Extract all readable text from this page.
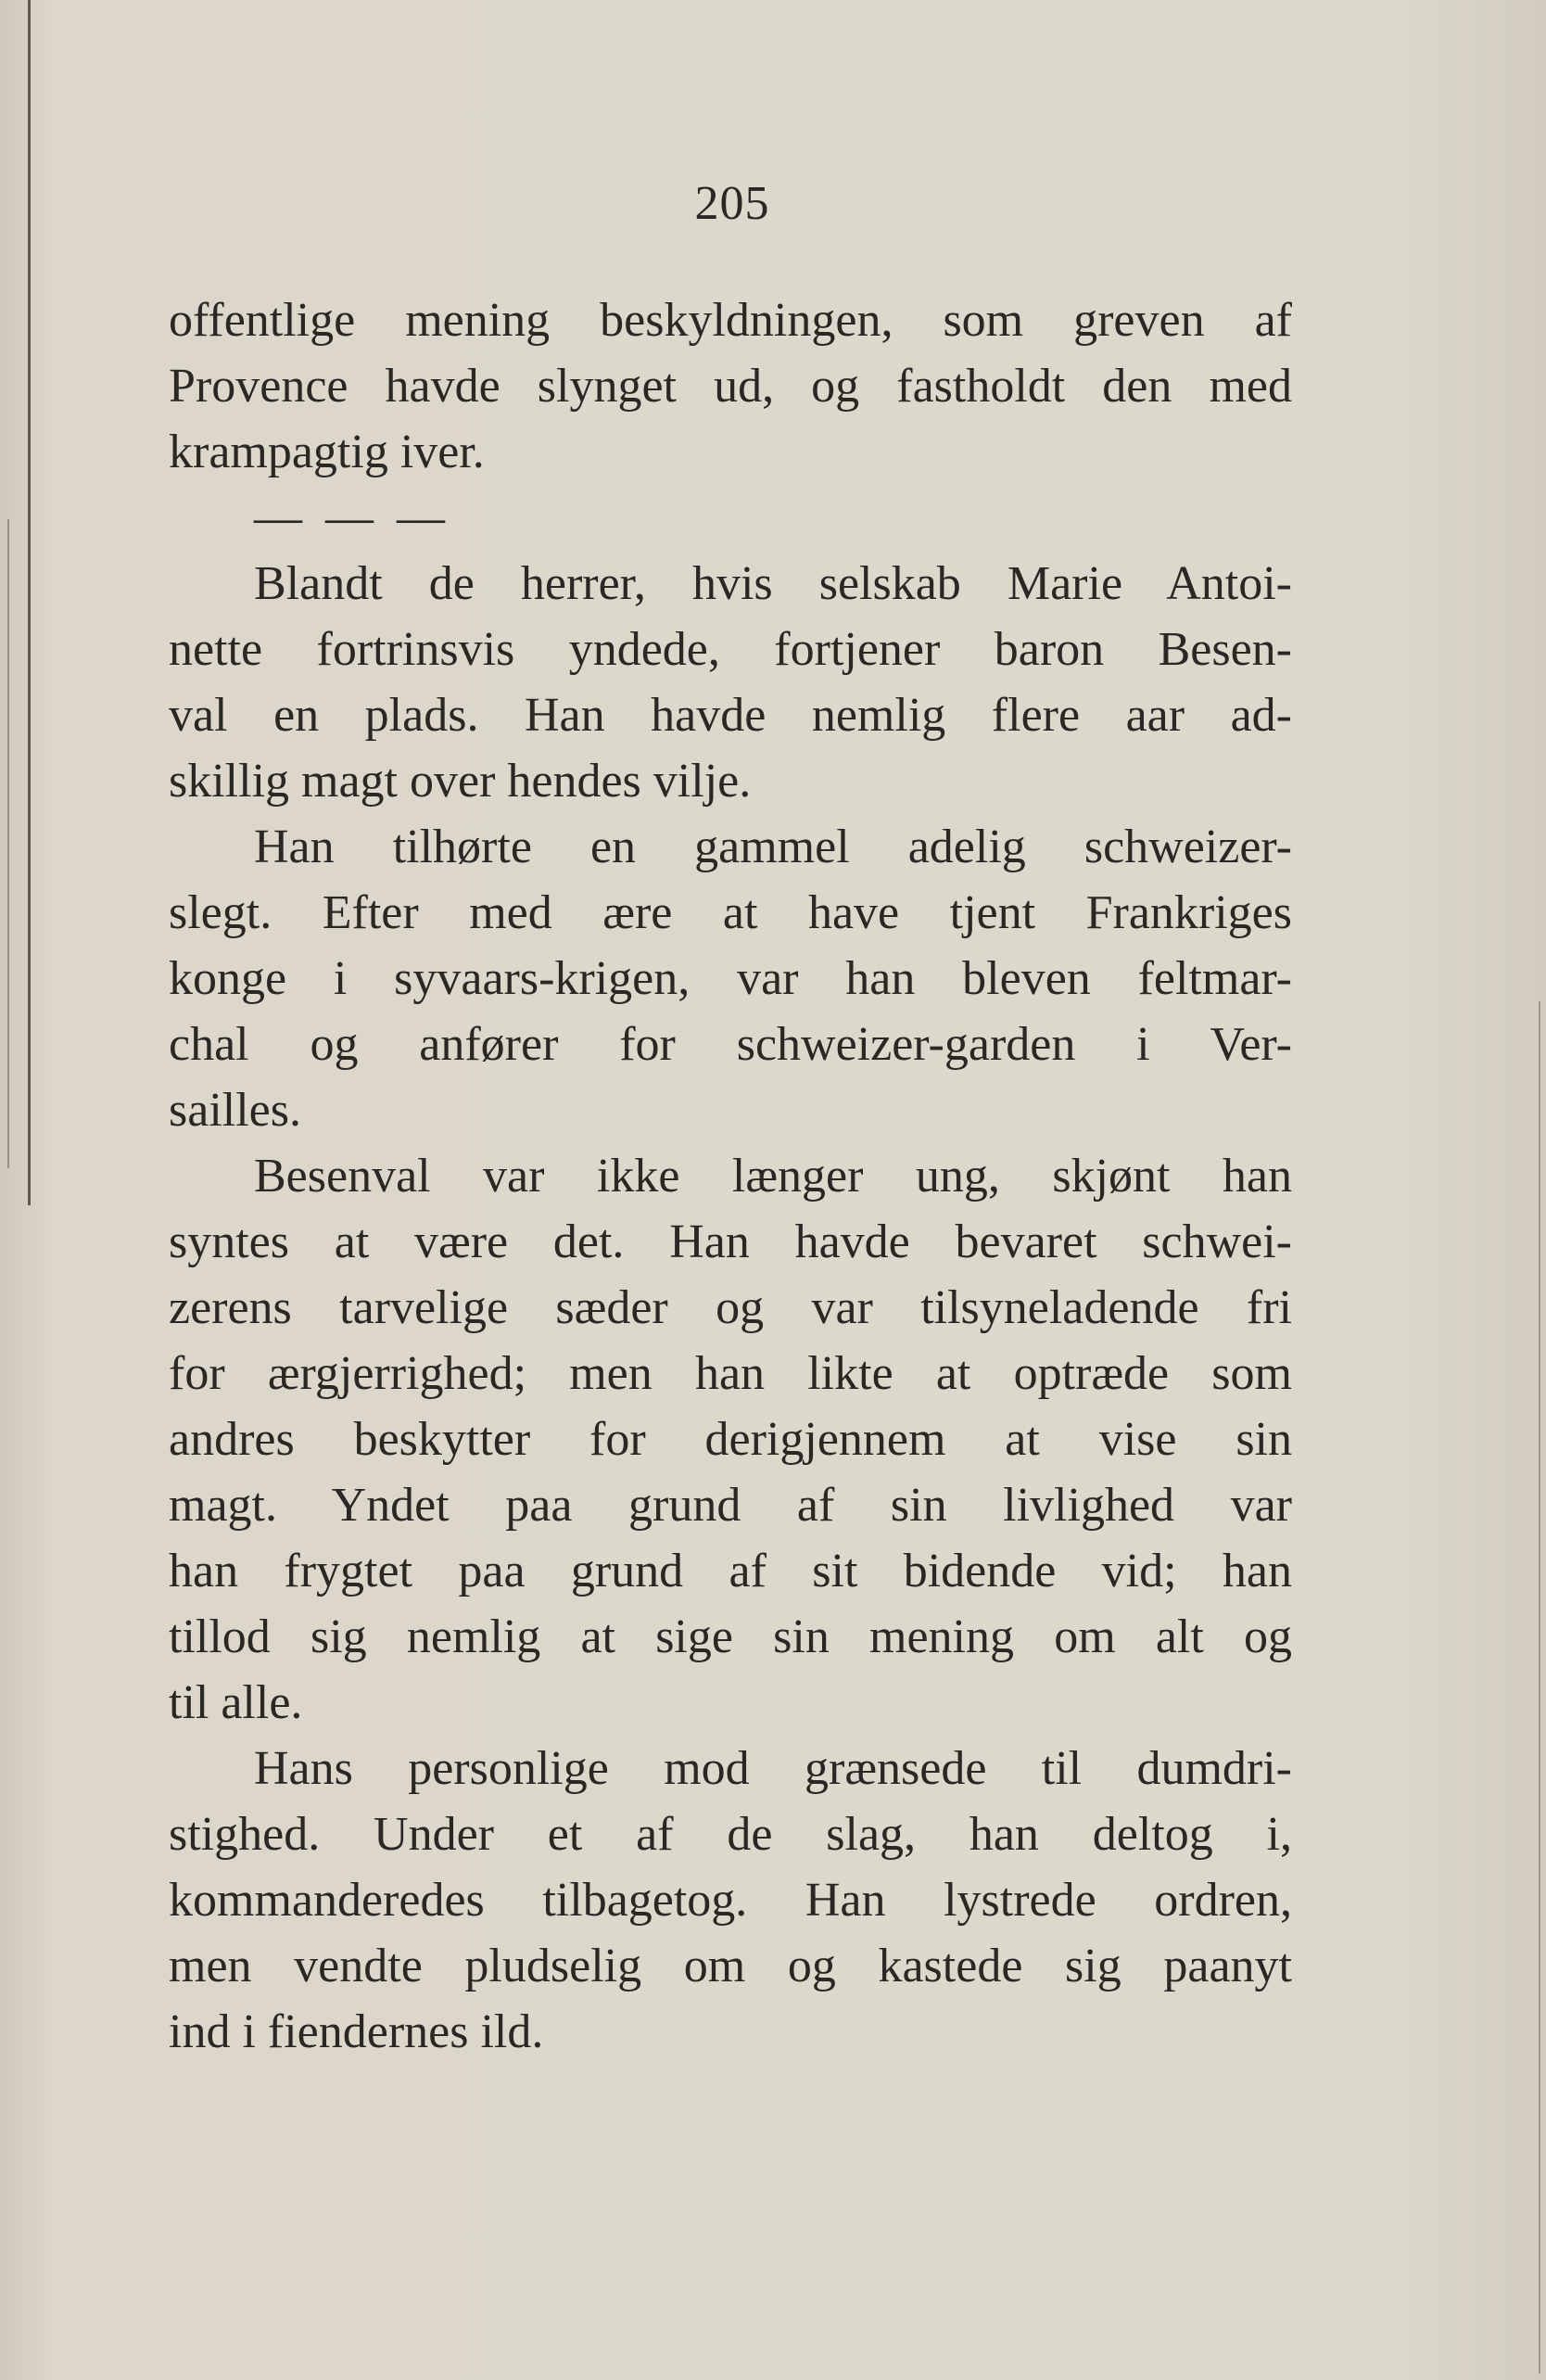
205
offentlige mening beskyldningen, som greven af
Provence havde slynget ud, og fastholdt den med
krampagtig iver.
— — —
Blandt de herrer, hvis selskab Marie Antoi-
nette fortrinsvis yndede, fortjener baron Besen-
val en plads. Han havde nemlig flere aar ad-
skillig magt over hendes vilje.
Han tilhørte en gammel adelig schweizer-
slegt. Efter med ære at have tjent Frankriges
konge i syvaars-krigen, var han bleven feltmar-
chal og anfører for schweizer-garden i Ver-
sailles.
Besenval var ikke længer ung, skjønt han
syntes at være det. Han havde bevaret schwei-
zerens tarvelige sæder og var tilsyneladende fri
for ærgjerrighed; men han likte at optræde som
andres beskytter for derigjennem at vise sin
magt. Yndet paa grund af sin livlighed var
han frygtet paa grund af sit bidende vid; han
tillod sig nemlig at sige sin mening om alt og
til alle.
Hans personlige mod grænsede til dumdri-
stighed. Under et af de slag, han deltog i,
kommanderedes tilbagetog. Han lystrede ordren,
men vendte pludselig om og kastede sig paanyt
ind i fiendernes ild.
